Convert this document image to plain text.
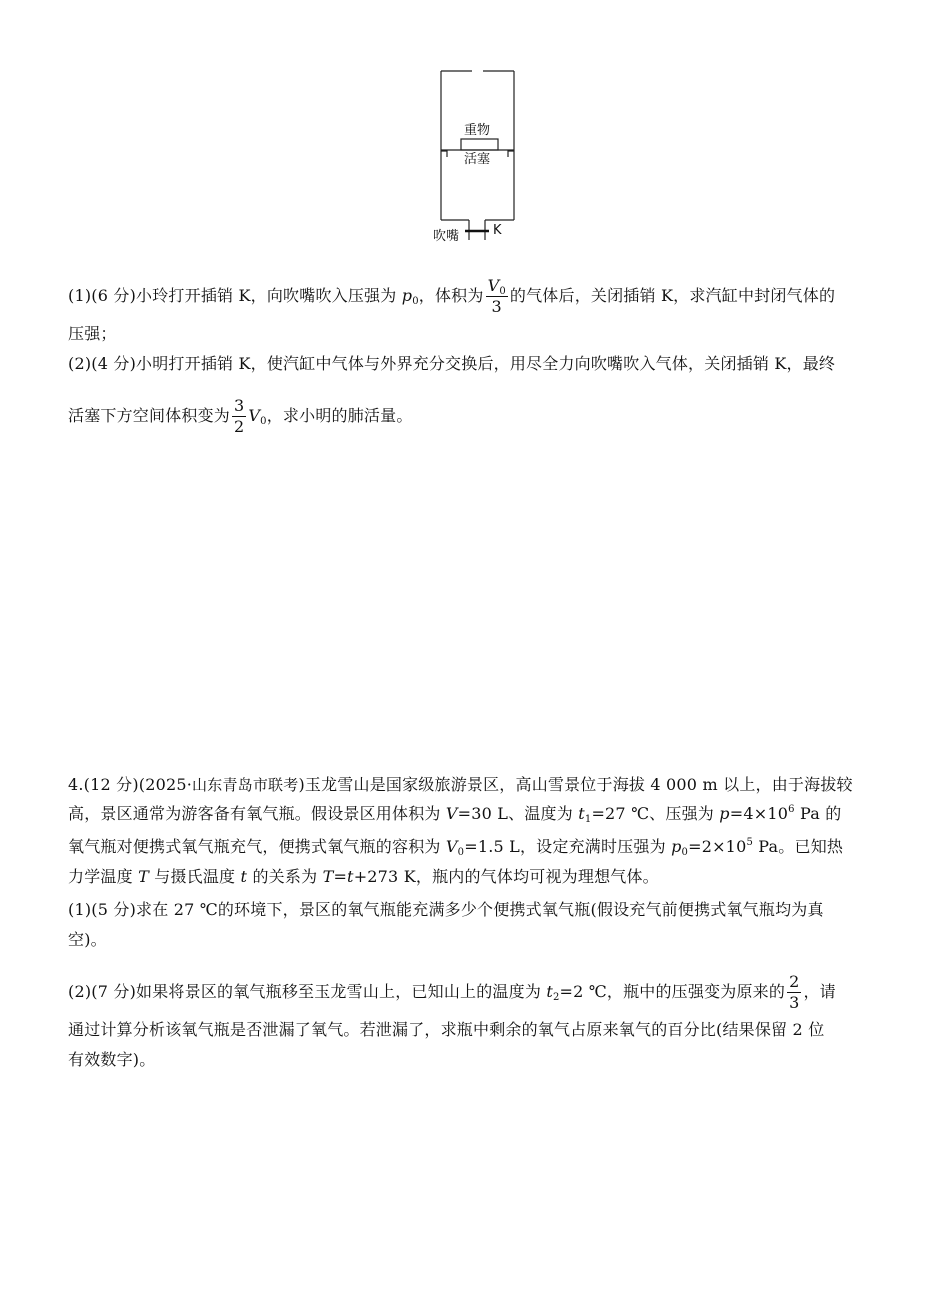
重物
活塞
吹嘴	K
(1)(6 分)小玲打开插销 K，向吹嘴吹入压强为 $p_0$，体积为 $\frac{V_0}{3}$ 的气体后，关闭插销 K，求汽缸中封闭气体的
压强；
(2)(4 分)小明打开插销 K，使汽缸中气体与外界充分交换后，用尽全力向吹嘴吹入气体，关闭插销 K，最终
活塞下方空间体积变为 $\frac{3}{2} V_0$，求小明的肺活量。
4.(12 分)(2025·山东青岛市联考)玉龙雪山是国家级旅游景区，高山雪景位于海拔 4 000 m 以上，由于海拔较
高，景区通常为游客备有氧气瓶。假设景区用体积为 V=30 L、温度为 $t_1=27$ ℃、压强为 $p=4\times 10^6$ Pa 的
氧气瓶对便携式氧气瓶充气，便携式氧气瓶的容积为 $V_0=1.5$ L，设定充满时压强为 $p_0=2\times 10^5$ Pa。已知热
力学温度 T 与摄氏温度 t 的关系为 T=t+273 K，瓶内的气体均可视为理想气体。
(1)(5 分)求在 27 ℃的环境下，景区的氧气瓶能充满多少个便携式氧气瓶(假设充气前便携式氧气瓶均为真
空)。
(2)(7 分)如果将景区的氧气瓶移至玉龙雪山上，已知山上的温度为 $t_2=2$ ℃，瓶中的压强变为原来的 $\frac{2}{3}$ ，请
通过计算分析该氧气瓶是否泄漏了氧气。若泄漏了，求瓶中剩余的氧气占原来氧气的百分比(结果保留 2 位
有效数字)。
